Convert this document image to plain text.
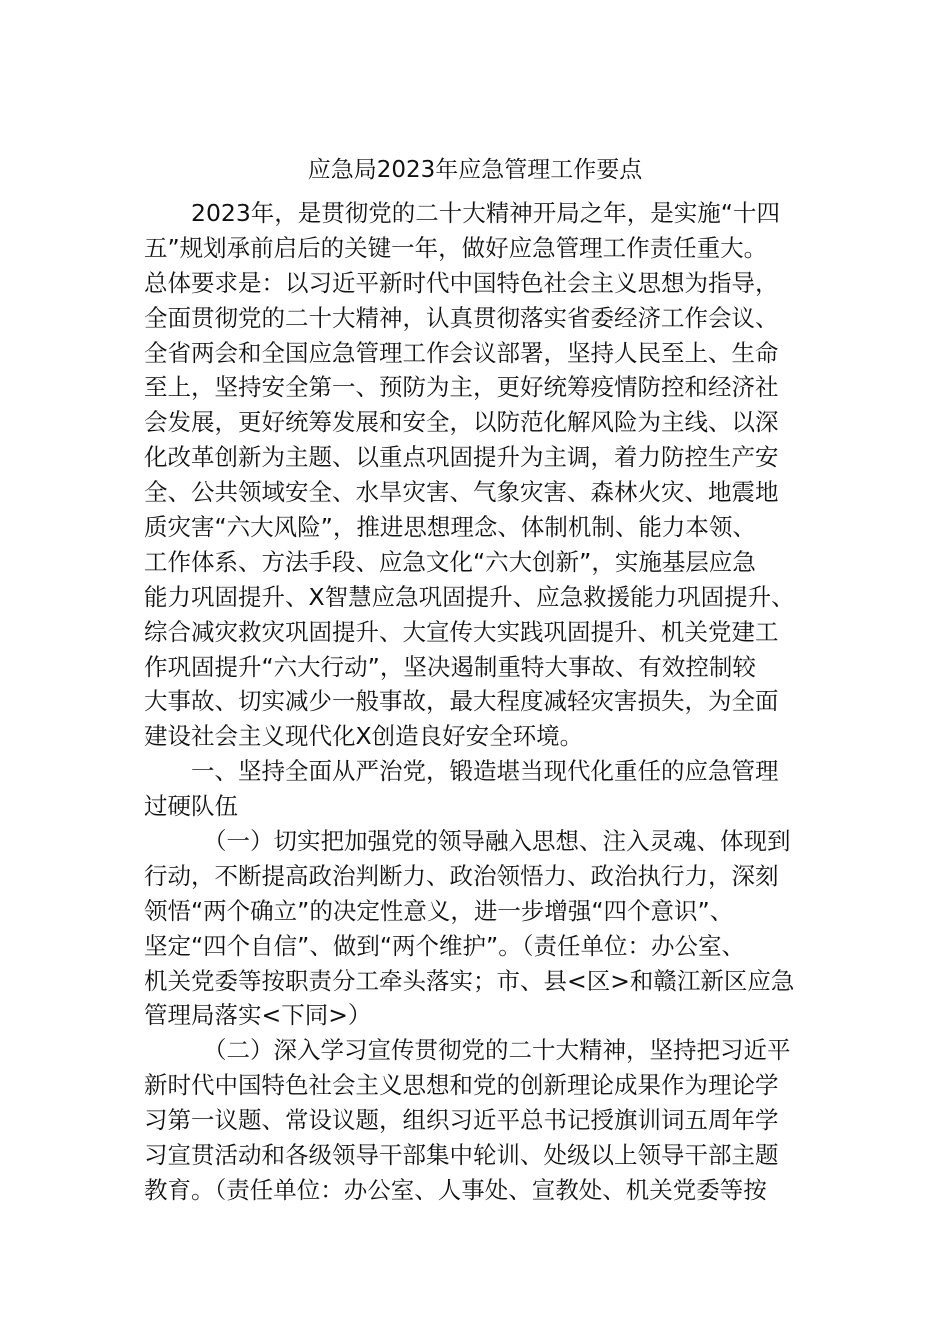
应急局2023年应急管理工作要点

2023年，是贯彻党的二十大精神开局之年，是实施“十四
五”规划承前启后的关键一年，做好应急管理工作责任重大。
总体要求是：以习近平新时代中国特色社会主义思想为指导，
全面贯彻党的二十大精神，认真贯彻落实省委经济工作会议、
全省两会和全国应急管理工作会议部署，坚持人民至上、生命
至上，坚持安全第一、预防为主，更好统筹疫情防控和经济社
会发展，更好统筹发展和安全，以防范化解风险为主线、以深
化改革创新为主题、以重点巩固提升为主调，着力防控生产安
全、公共领域安全、水旱灾害、气象灾害、森林火灾、地震地
质灾害“六大风险”，推进思想理念、体制机制、能力本领、
工作体系、方法手段、应急文化“六大创新”，实施基层应急
能力巩固提升、X智慧应急巩固提升、应急救援能力巩固提升、
综合减灾救灾巩固提升、大宣传大实践巩固提升、机关党建工
作巩固提升“六大行动”，坚决遏制重特大事故、有效控制较
大事故、切实减少一般事故，最大程度减轻灾害损失，为全面
建设社会主义现代化X创造良好安全环境。

一、坚持全面从严治党，锻造堪当现代化重任的应急管理
过硬队伍

（一）切实把加强党的领导融入思想、注入灵魂、体现到
行动，不断提高政治判断力、政治领悟力、政治执行力，深刻
领悟“两个确立”的决定性意义，进一步增强“四个意识”、
坚定“四个自信”、做到“两个维护”。（责任单位：办公室、
机关党委等按职责分工牵头落实；市、县<区>和赣江新区应急
管理局落实<下同>）

（二）深入学习宣传贯彻党的二十大精神，坚持把习近平
新时代中国特色社会主义思想和党的创新理论成果作为理论学
习第一议题、常设议题，组织习近平总书记授旗训词五周年学
习宣贯活动和各级领导干部集中轮训、处级以上领导干部主题
教育。（责任单位：办公室、人事处、宣教处、机关党委等按
